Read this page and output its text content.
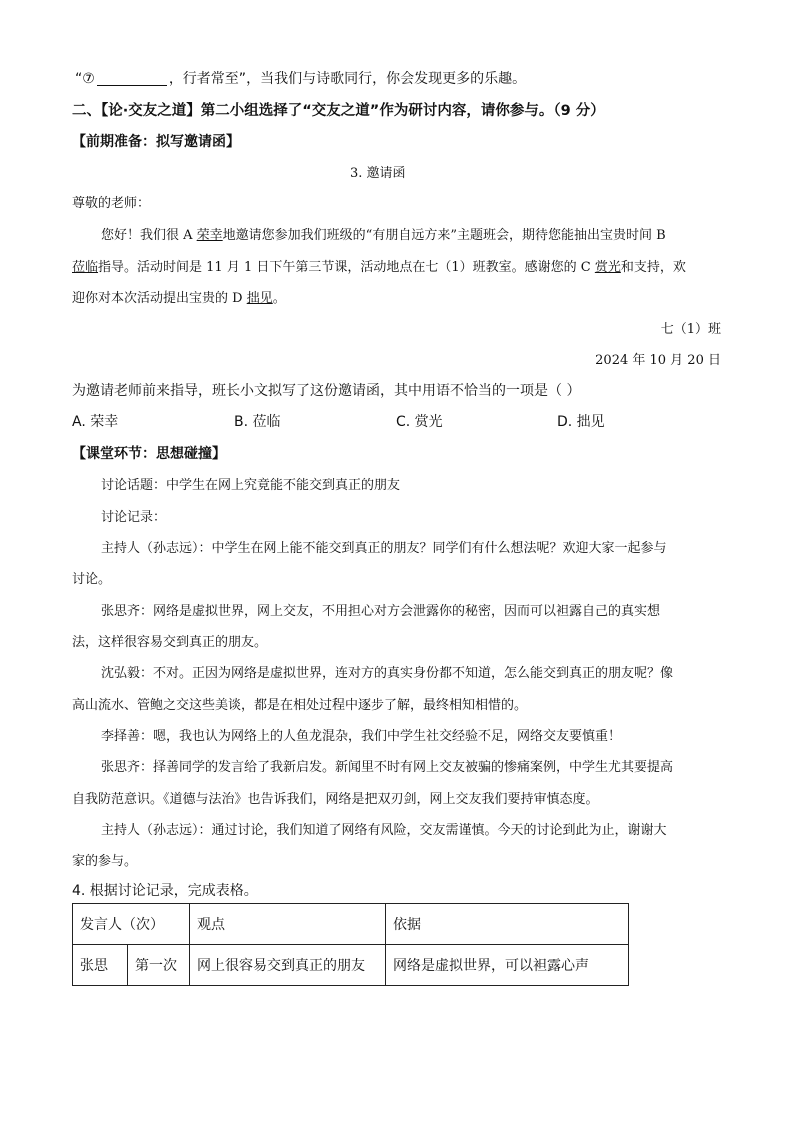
“⑦	，行者常至”，当我们与诗歌同行，你会发现更多的乐趣。
二、【论·交友之道】第二小组选择了“交友之道”作为研讨内容，请你参与。（9 分）
【前期准备：拟写邀请函】
3. 邀请函
尊敬的老师：
您好！我们很 A 荣幸地邀请您参加我们班级的“有朋自远方来”主题班会，期待您能抽出宝贵时间 B
莅临指导。活动时间是 11 月 1 日下午第三节课，活动地点在七（1）班教室。感谢您的 C 赏光和支持，欢
迎你对本次活动提出宝贵的 D 拙见。
七（1）班
2024 年 10 月 20 日
为邀请老师前来指导，班长小文拟写了这份邀请函，其中用语不恰当的一项是（ ）
A. 荣幸	B. 莅临	C. 赏光	D. 拙见
【课堂环节：思想碰撞】
讨论话题：中学生在网上究竟能不能交到真正的朋友
讨论记录：
主持人（孙志远）：中学生在网上能不能交到真正的朋友？同学们有什么想法呢？欢迎大家一起参与
讨论。
张思齐：网络是虚拟世界，网上交友，不用担心对方会泄露你的秘密，因而可以袒露自己的真实想
法，这样很容易交到真正的朋友。
沈弘毅：不对。正因为网络是虚拟世界，连对方的真实身份都不知道，怎么能交到真正的朋友呢？像
高山流水、管鲍之交这些美谈，都是在相处过程中逐步了解，最终相知相惜的。
李择善：嗯，我也认为网络上的人鱼龙混杂，我们中学生社交经验不足，网络交友要慎重！
张思齐：择善同学的发言给了我新启发。新闻里不时有网上交友被骗的惨痛案例，中学生尤其要提高
自我防范意识。《道德与法治》也告诉我们，网络是把双刃剑，网上交友我们要持审慎态度。
主持人（孙志远）：通过讨论，我们知道了网络有风险，交友需谨慎。今天的讨论到此为止，谢谢大
家的参与。
4. 根据讨论记录，完成表格。
发言人（次）		观点	依据
张思	第一次	网上很容易交到真正的朋友	网络是虚拟世界，可以袒露心声
